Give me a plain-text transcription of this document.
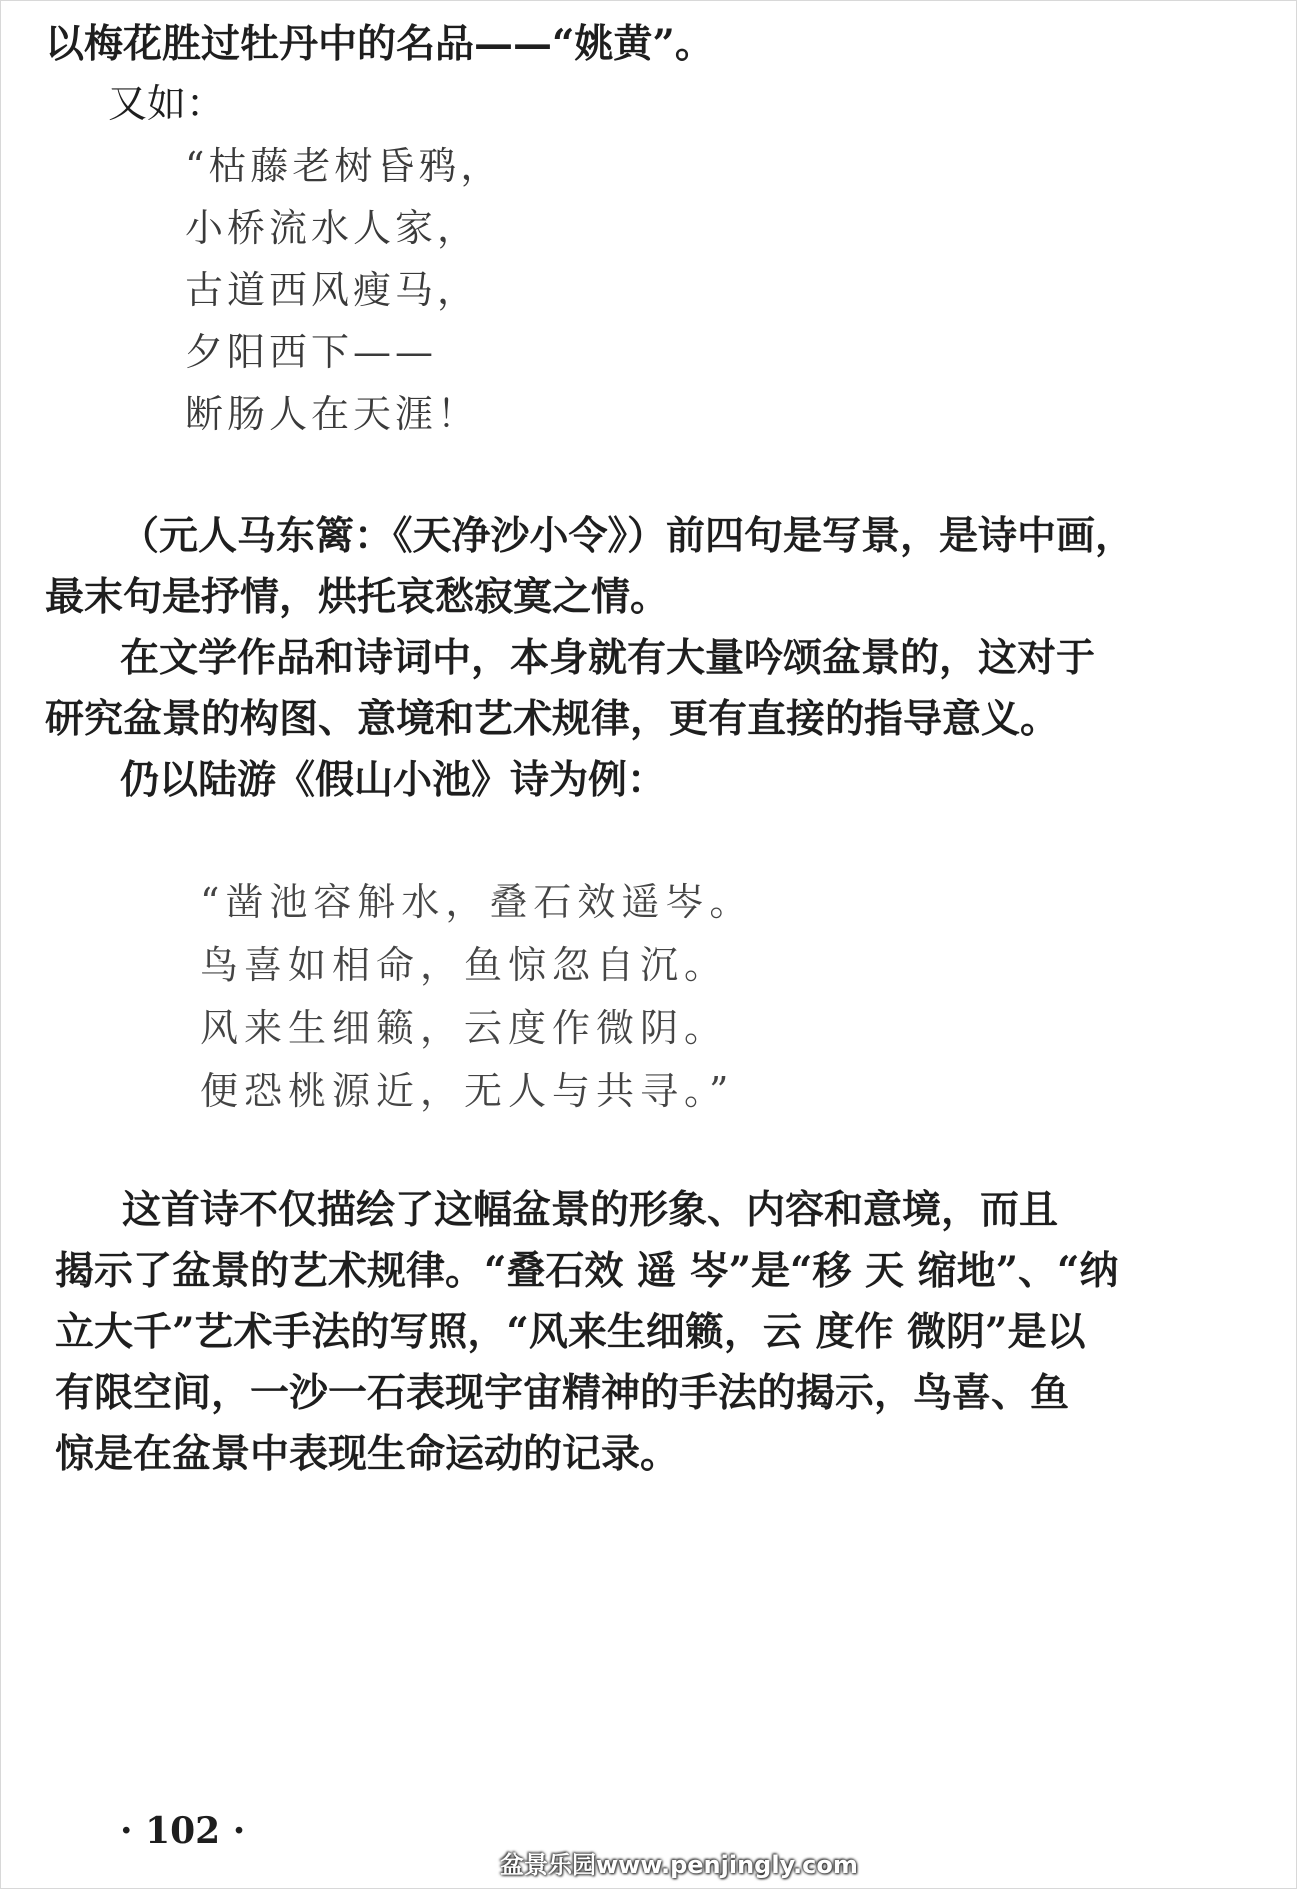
以梅花胜过牡丹中的名品——“姚黄”。
又如：
“枯藤老树昏鸦，
小桥流水人家，
古道西风瘦马，
夕阳西下——
断肠人在天涯！
（元人马东篱：《天净沙小令》）前四句是写景，是诗中画，
最末句是抒情，烘托哀愁寂寞之情。
在文学作品和诗词中，本身就有大量吟颂盆景的，这对于
研究盆景的构图、意境和艺术规律，更有直接的指导意义。
仍以陆游《假山小池》诗为例：
“凿池容斛水，叠石效遥岑。
鸟喜如相命，鱼惊忽自沉。
风来生细籁，云度作微阴。
便恐桃源近，无人与共寻。”
这首诗不仅描绘了这幅盆景的形象、内容和意境，而且
揭示了盆景的艺术规律。“叠石效 遥 岑”是“移 天 缩地”、“纳
立大千”艺术手法的写照，“风来生细籁，云 度作 微阴”是以
有限空间，一沙一石表现宇宙精神的手法的揭示，鸟喜、鱼
惊是在盆景中表现生命运动的记录。
· 102 ·
盆景乐园www.penjingly.com
